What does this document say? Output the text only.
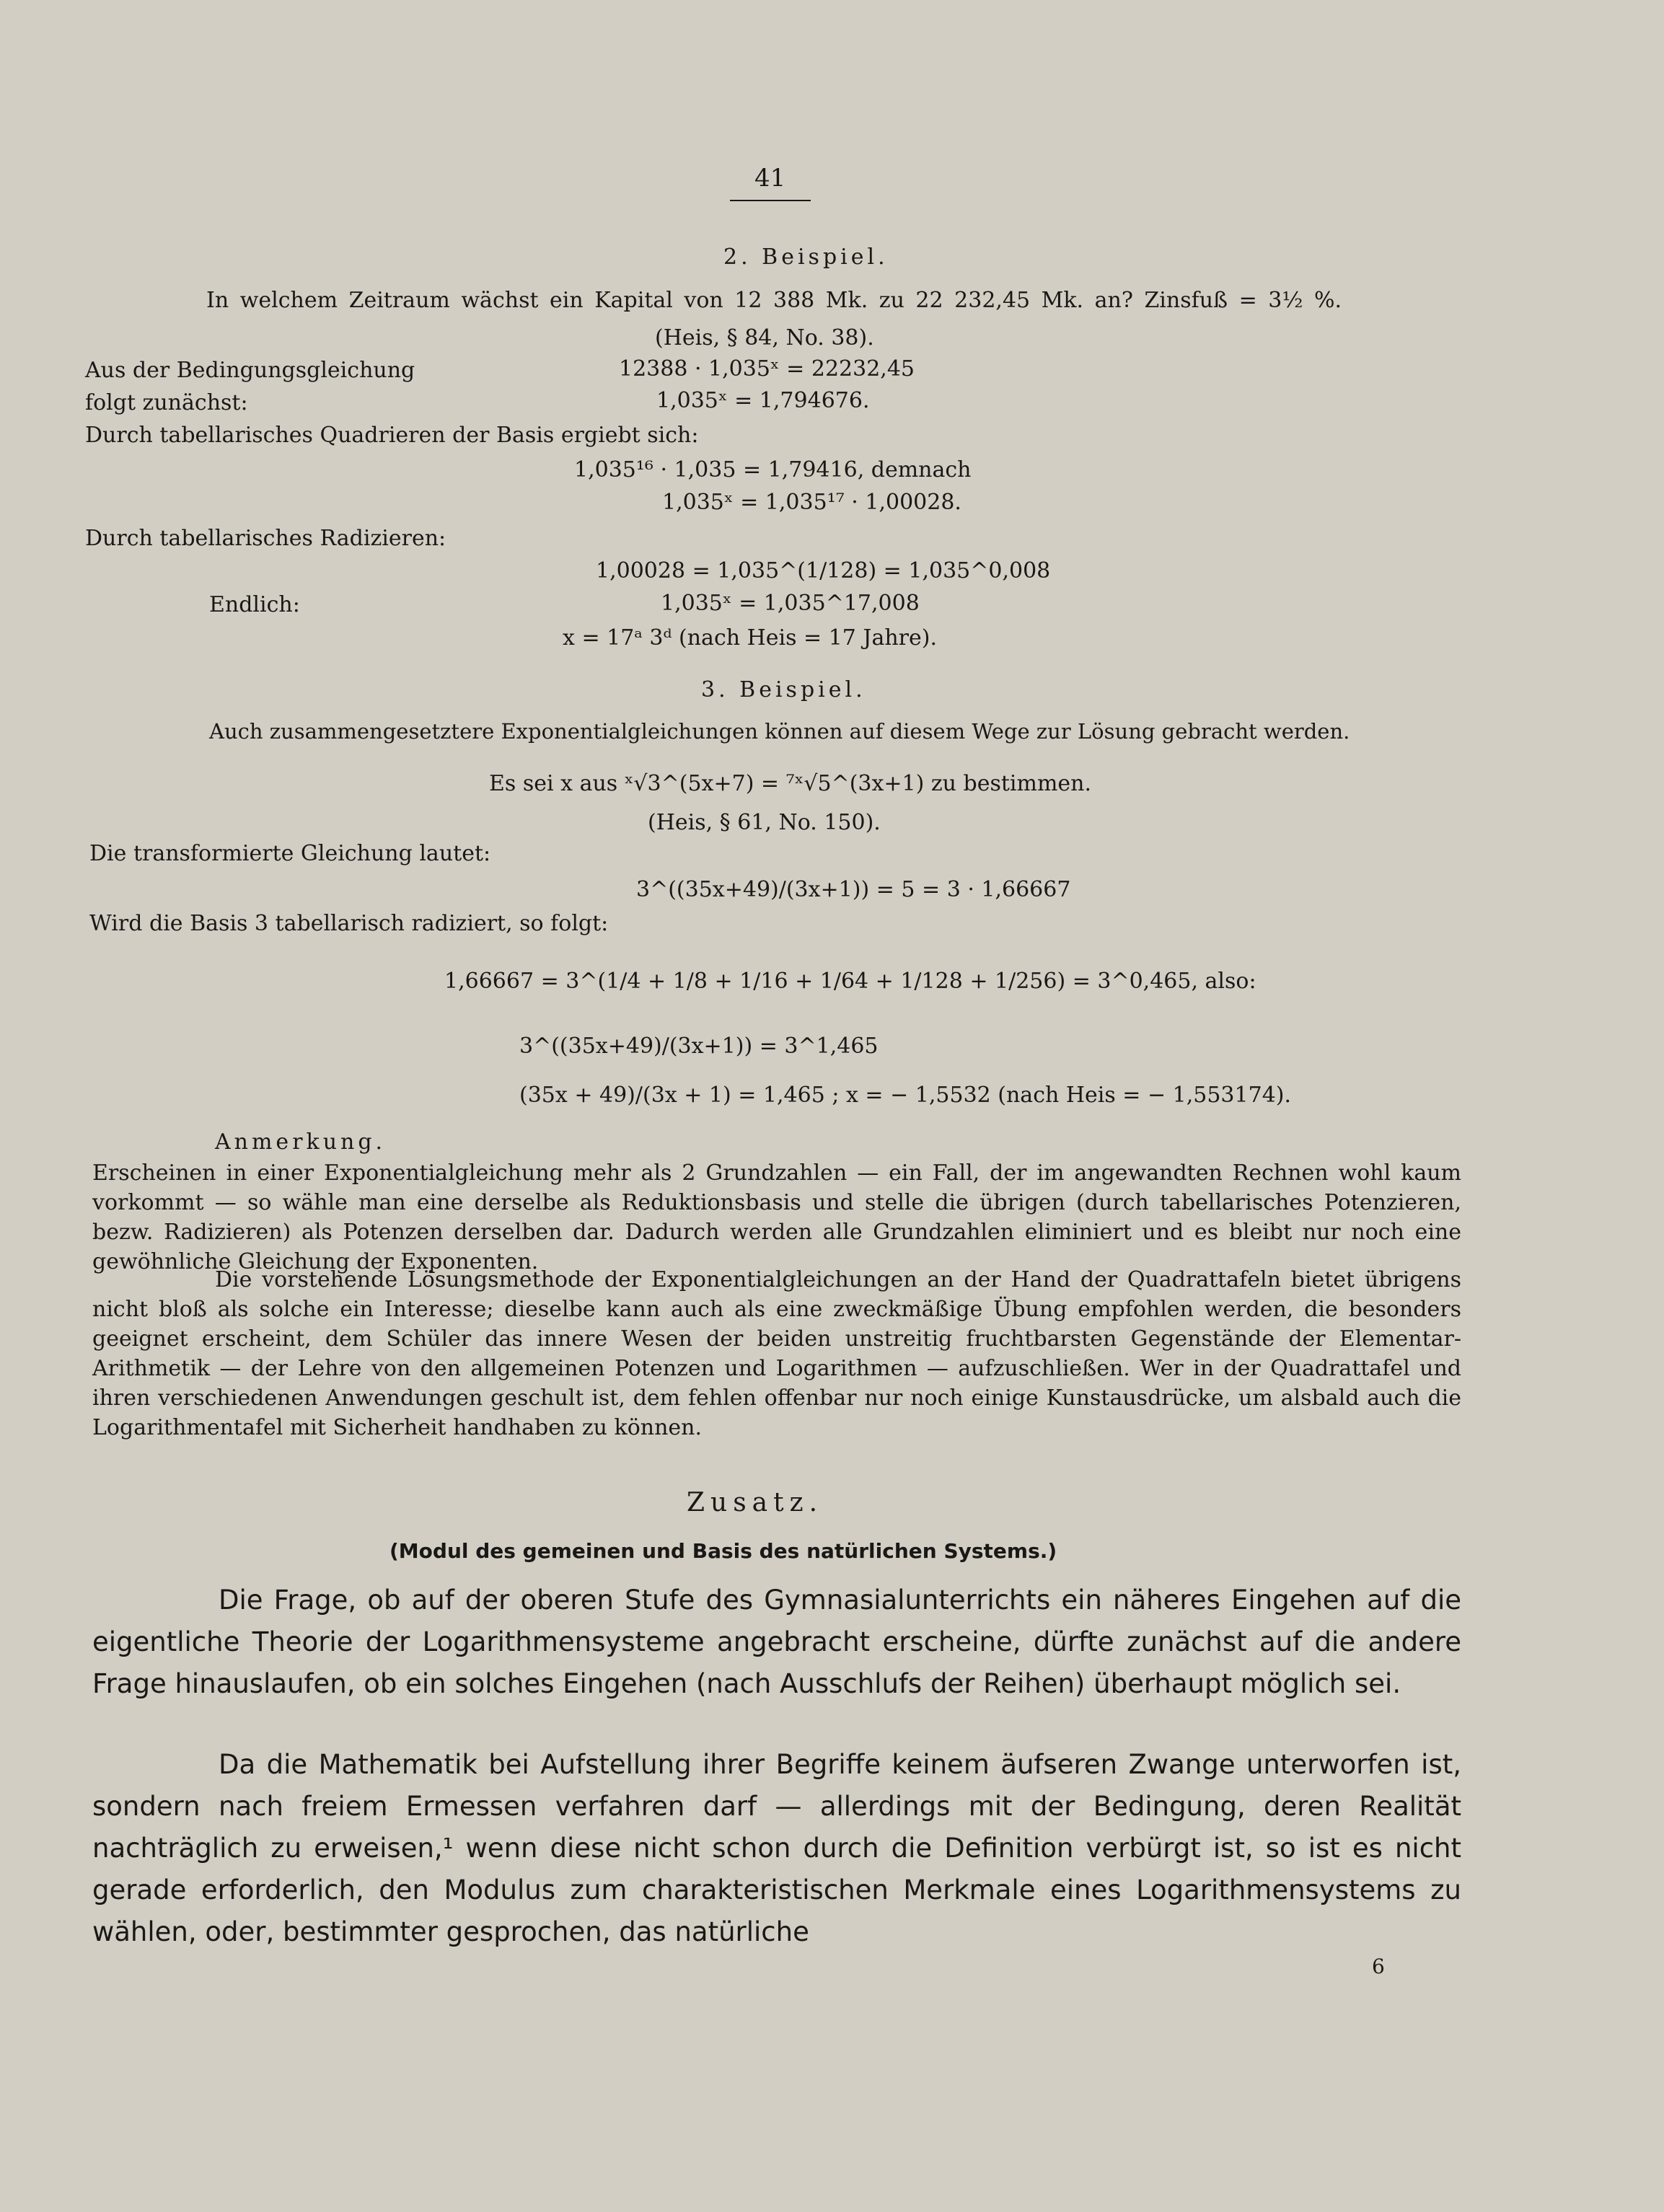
41
2. Beispiel.
In welchem Zeitraum wächst ein Kapital von 12 388 Mk. zu 22 232,45 Mk. an? Zinsfuß = 3½ %.
(Heis, § 84, No. 38).
Aus der Bedingungsgleichung	12388 · 1,035ˣ = 22232,45
folgt zunächst:	1,035ˣ = 1,794676.
Durch tabellarisches Quadrieren der Basis ergiebt sich:
1,035¹⁶ · 1,035 = 1,79416, demnach
1,035ˣ = 1,035¹⁷ · 1,00028.
Durch tabellarisches Radizieren:
1,00028 = 1,035^(1/128) = 1,035^0,008
Endlich:	1,035ˣ = 1,035^17,008
x = 17ᵃ 3ᵈ (nach Heis = 17 Jahre).
3. Beispiel.
Auch zusammengesetztere Exponentialgleichungen können auf diesem Wege zur Lösung gebracht werden.
Es sei x aus ˣ√3^(5x+7) = ⁷ˣ√5^(3x+1) zu bestimmen.
(Heis, § 61, No. 150).
Die transformierte Gleichung lautet:
3^((35x+49)/(3x+1)) = 5 = 3 · 1,66667
Wird die Basis 3 tabellarisch radiziert, so folgt:
1,66667 = 3^(1/4 + 1/8 + 1/16 + 1/64 + 1/128 + 1/256) = 3^0,465, also:
3^((35x+49)/(3x+1)) = 3^1,465
(35x + 49)/(3x + 1) = 1,465 ; x = − 1,5532 (nach Heis = − 1,553174).
Anmerkung.
Erscheinen in einer Exponentialgleichung mehr als 2 Grundzahlen — ein Fall, der im angewandten Rechnen wohl kaum vorkommt — so wähle man eine derselbe als Reduktionsbasis und stelle die übrigen (durch tabellarisches Potenzieren, bezw. Radizieren) als Potenzen derselben dar. Dadurch werden alle Grundzahlen eliminiert und es bleibt nur noch eine gewöhnliche Gleichung der Exponenten.
Die vorstehende Lösungsmethode der Exponentialgleichungen an der Hand der Quadrattafeln bietet übrigens nicht bloß als solche ein Interesse; dieselbe kann auch als eine zweckmäßige Übung empfohlen werden, die besonders geeignet erscheint, dem Schüler das innere Wesen der beiden unstreitig fruchtbarsten Gegenstände der Elementar-Arithmetik — der Lehre von den allgemeinen Potenzen und Logarithmen — aufzuschließen. Wer in der Quadrattafel und ihren verschiedenen Anwendungen geschult ist, dem fehlen offenbar nur noch einige Kunstausdrücke, um alsbald auch die Logarithmentafel mit Sicherheit handhaben zu können.
Zusatz.
(Modul des gemeinen und Basis des natürlichen Systems.)
Die Frage, ob auf der oberen Stufe des Gymnasialunterrichts ein näheres Eingehen auf die eigentliche Theorie der Logarithmensysteme angebracht erscheine, dürfte zunächst auf die andere Frage hinauslaufen, ob ein solches Eingehen (nach Ausschlufs der Reihen) überhaupt möglich sei.
Da die Mathematik bei Aufstellung ihrer Begriffe keinem äufseren Zwange unterworfen ist, sondern nach freiem Ermessen verfahren darf — allerdings mit der Bedingung, deren Realität nachträglich zu erweisen,¹ wenn diese nicht schon durch die Definition verbürgt ist, so ist es nicht gerade erforderlich, den Modulus zum charakteristischen Merkmale eines Logarithmensystems zu wählen, oder, bestimmter gesprochen, das natürliche
6
